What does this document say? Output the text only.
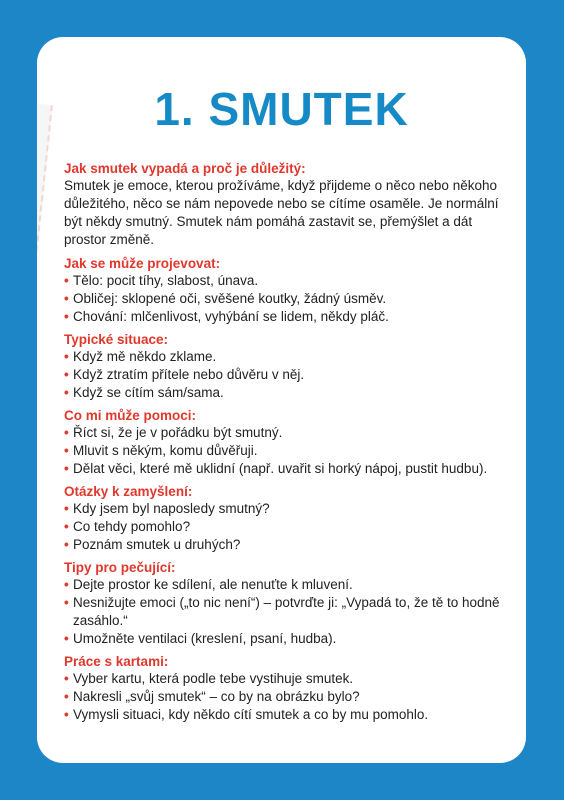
1. SMUTEK

Jak smutek vypadá a proč je důležitý:

Smutek je emoce, kterou prožíváme, když přijdeme o něco nebo někoho důležitého, něco se nám nepovede nebo se cítíme osaměle. Je normální být někdy smutný. Smutek nám pomáhá zastavit se, přemýšlet a dát prostor změně.

Jak se může projevovat:

• Tělo: pocit tíhy, slabost, únava.
• Obličej: sklopené oči, svěšené koutky, žádný úsměv.
• Chování: mlčenlivost, vyhýbání se lidem, někdy pláč.

Typické situace:

• Když mě někdo zklame.
• Když ztratím přítele nebo důvěru v něj.
• Když se cítím sám/sama.

Co mi může pomoci:

• Říct si, že je v pořádku být smutný.
• Mluvit s někým, komu důvěřuji.
• Dělat věci, které mě uklidní (např. uvařit si horký nápoj, pustit hudbu).

Otázky k zamyšlení:

• Kdy jsem byl naposledy smutný?
• Co tehdy pomohlo?
• Poznám smutek u druhých?

Tipy pro pečující:

• Dejte prostor ke sdílení, ale nenuťte k mluvení.
• Nesnižujte emoci („to nic není“) – potvrďte ji: „Vypadá to, že tě to hodně zasáhlo.“
• Umožněte ventilaci (kreslení, psaní, hudba).

Práce s kartami:

• Vyber kartu, která podle tebe vystihuje smutek.
• Nakresli „svůj smutek“ – co by na obrázku bylo?
• Vymysli situaci, kdy někdo cítí smutek a co by mu pomohlo.
